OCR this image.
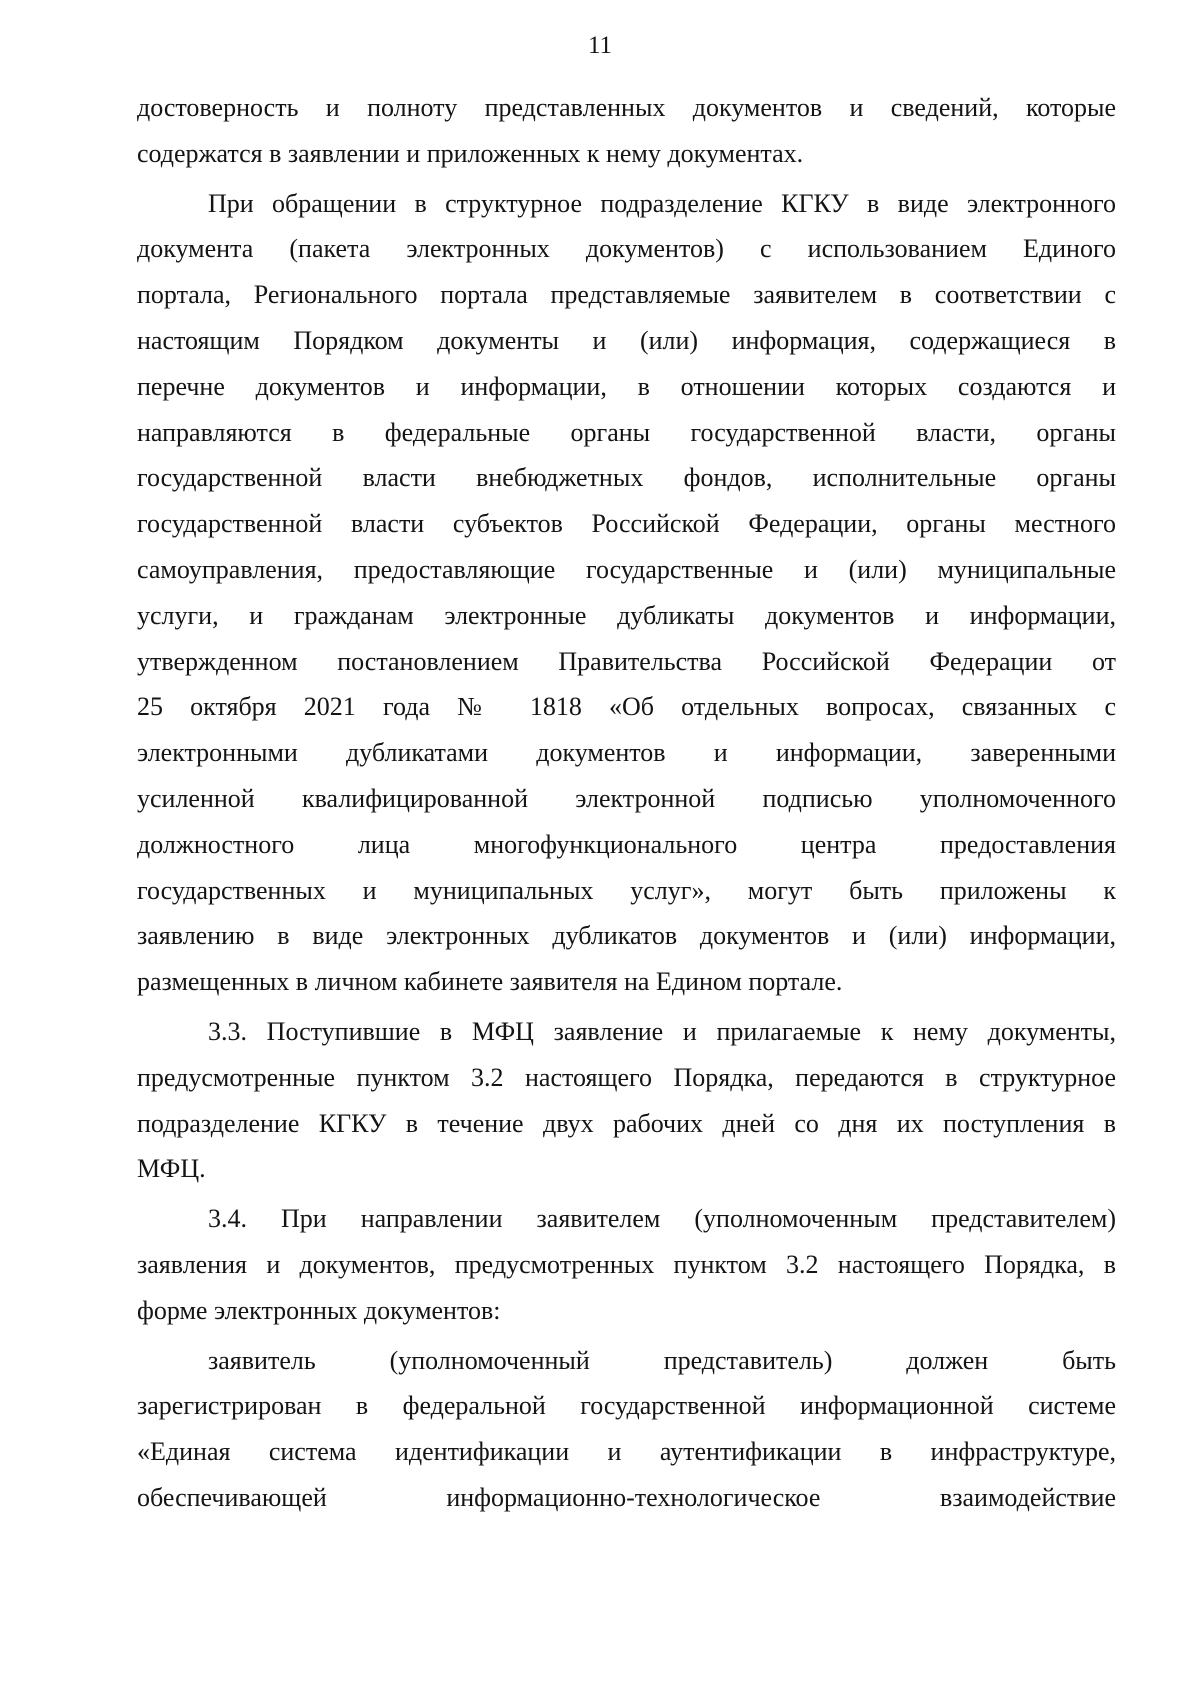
11
достоверность и полноту представленных документов и сведений, которые
содержатся в заявлении и приложенных к нему документах.
При обращении в структурное подразделение КГКУ в виде электронного
документа (пакета электронных документов) с использованием Единого
портала, Регионального портала представляемые заявителем в соответствии с
настоящим Порядком документы и (или) информация, содержащиеся в
перечне документов и информации, в отношении которых создаются и
направляются в федеральные органы государственной власти, органы
государственной власти внебюджетных фондов, исполнительные органы
государственной власти субъектов Российской Федерации, органы местного
самоуправления, предоставляющие государственные и (или) муниципальные
услуги, и гражданам электронные дубликаты документов и информации,
утвержденном постановлением Правительства Российской Федерации от
25 октября 2021 года № 1818 «Об отдельных вопросах, связанных с
электронными дубликатами документов и информации, заверенными
усиленной квалифицированной электронной подписью уполномоченного
должностного лица многофункционального центра предоставления
государственных и муниципальных услуг», могут быть приложены к
заявлению в виде электронных дубликатов документов и (или) информации,
размещенных в личном кабинете заявителя на Едином портале.
3.3. Поступившие в МФЦ заявление и прилагаемые к нему документы,
предусмотренные пунктом 3.2 настоящего Порядка, передаются в структурное
подразделение КГКУ в течение двух рабочих дней со дня их поступления в
МФЦ.
3.4. При направлении заявителем (уполномоченным представителем)
заявления и документов, предусмотренных пунктом 3.2 настоящего Порядка, в
форме электронных документов:
заявитель (уполномоченный представитель) должен быть
зарегистрирован в федеральной государственной информационной системе
«Единая система идентификации и аутентификации в инфраструктуре,
обеспечивающей информационно-технологическое взаимодействие
